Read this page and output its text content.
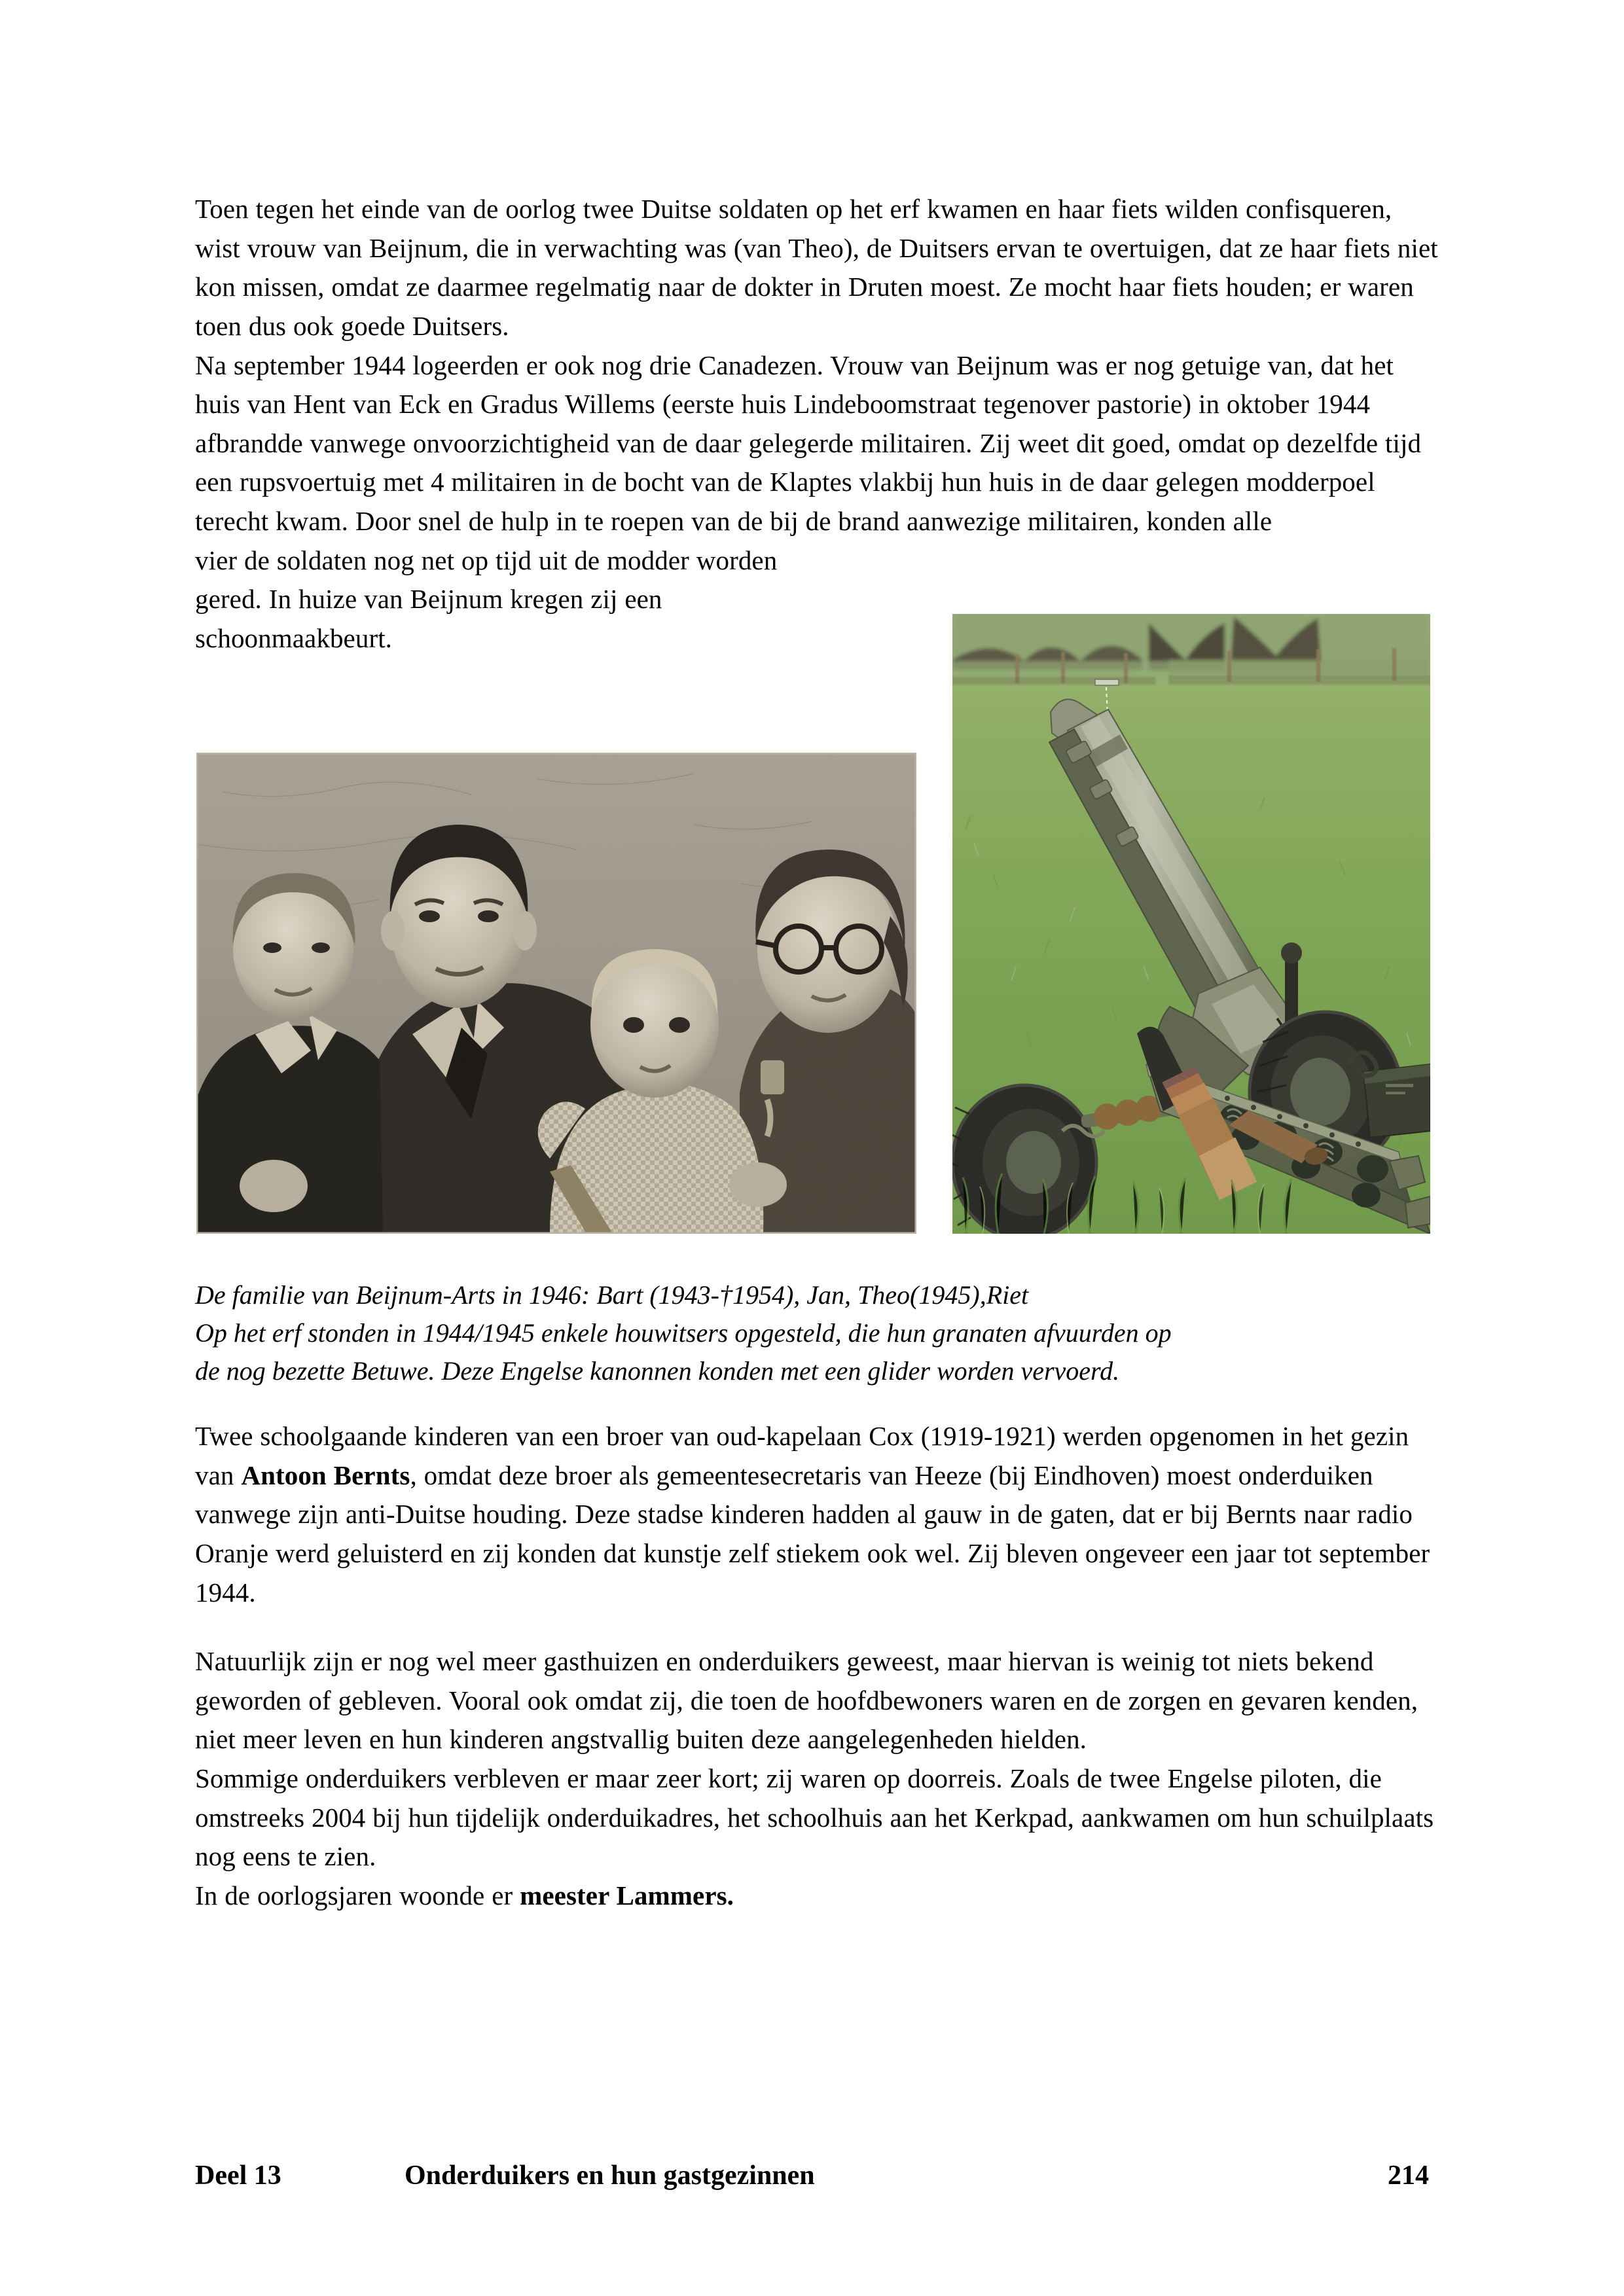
Toen tegen het einde van de oorlog twee Duitse soldaten op het erf kwamen en haar fiets wilden confisqueren, wist vrouw van Beijnum, die in verwachting was (van Theo), de Duitsers ervan te overtuigen, dat ze haar fiets niet kon missen, omdat ze daarmee regelmatig naar de dokter in Druten moest. Ze mocht haar fiets houden; er waren toen dus ook goede Duitsers.

Na september 1944 logeerden er ook nog drie Canadezen. Vrouw van Beijnum was er nog getuige van, dat het huis van Hent van Eck en Gradus Willems (eerste huis Lindeboomstraat tegenover pastorie) in oktober 1944 afbrandde vanwege onvoorzichtigheid van de daar gelegerde militairen. Zij weet dit goed, omdat op dezelfde tijd een rupsvoertuig met 4 militairen in de bocht van de Klaptes vlakbij hun huis in de daar gelegen modderpoel terecht kwam. Door snel de hulp in te roepen van de bij de brand aanwezige militairen, konden alle

vier de soldaten nog net op tijd uit de modder worden gered. In huize van Beijnum kregen zij een schoonmaakbeurt.

De familie van Beijnum-Arts in 1946: Bart (1943-†1954), Jan, Theo(1945),Riet
Op het erf stonden in 1944/1945 enkele houwitsers opgesteld, die hun granaten afvuurden op
de nog bezette Betuwe. Deze Engelse kanonnen konden met een glider worden vervoerd.

Twee schoolgaande kinderen van een broer van oud-kapelaan Cox (1919-1921) werden opgenomen in het gezin van Antoon Bernts, omdat deze broer als gemeentesecretaris van Heeze (bij Eindhoven) moest onderduiken vanwege zijn anti-Duitse houding. Deze stadse kinderen hadden al gauw in de gaten, dat er bij Bernts naar radio Oranje werd geluisterd en zij konden dat kunstje zelf stiekem ook wel. Zij bleven ongeveer een jaar tot september 1944.

Natuurlijk zijn er nog wel meer gasthuizen en onderduikers geweest, maar hiervan is weinig tot niets bekend geworden of gebleven. Vooral ook omdat zij, die toen de hoofdbewoners waren en de zorgen en gevaren kenden, niet meer leven en hun kinderen angstvallig buiten deze aangelegenheden hielden.

Sommige onderduikers verbleven er maar zeer kort; zij waren op doorreis. Zoals de twee Engelse piloten, die omstreeks 2004 bij hun tijdelijk onderduikadres, het schoolhuis aan het Kerkpad, aankwamen om hun schuilplaats nog eens te zien.

In de oorlogsjaren woonde er meester Lammers.

Deel 13	Onderduikers en hun gastgezinnen	214
